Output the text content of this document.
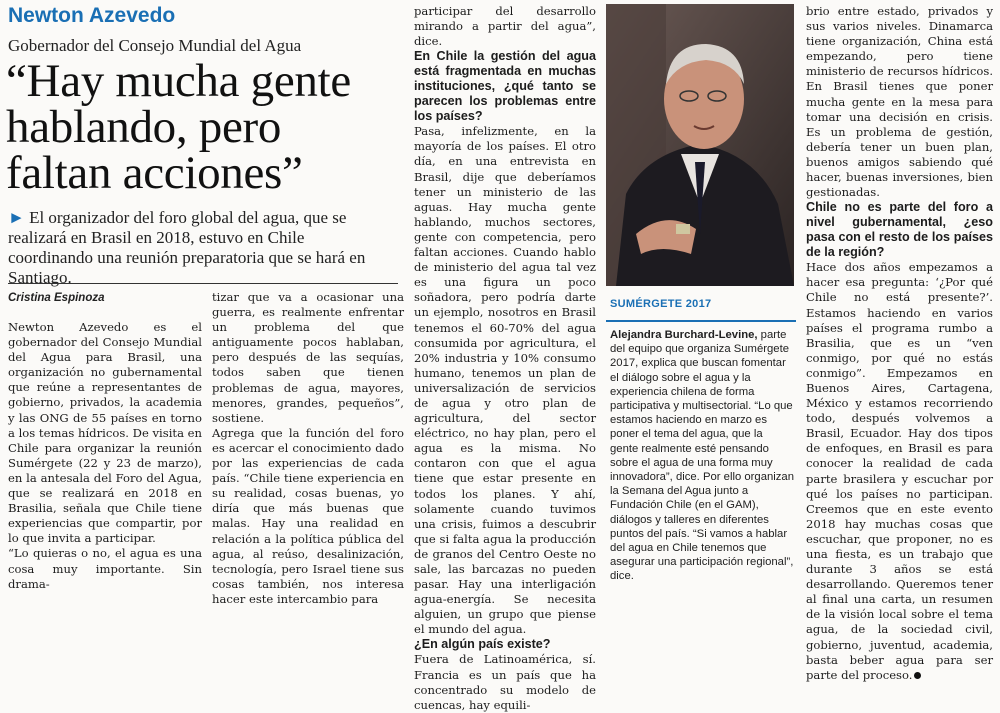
Newton Azevedo
Gobernador del Consejo Mundial del Agua
“Hay mucha gente hablando, pero faltan acciones”
► El organizador del foro global del agua, que se realizará en Brasil en 2018, estuvo en Chile coordinando una reunión preparatoria que se hará en Santiago.
Cristina Espinoza

Newton Azevedo es el gobernador del Consejo Mundial del Agua para Brasil, una organización no gubernamental que reúne a representantes de gobierno, privados, la academia y las ONG de 55 países en torno a los temas hídricos. De visita en Chile para organizar la reunión Sumérgete (22 y 23 de marzo), en la antesala del Foro del Agua, que se realizará en 2018 en Brasilia, señala que Chile tiene experiencias que compartir, por lo que invita a participar.

“Lo quieras o no, el agua es una cosa muy importante. Sin drama-

tizar que va a ocasionar una guerra, es realmente enfrentar un problema del que antiguamente pocos hablaban, pero después de las sequías, todos saben que tienen problemas de agua, mayores, menores, grandes, pequeños”, sostiene.

Agrega que la función del foro es acercar el conocimiento dado por las experiencias de cada país. “Chile tiene experiencia en su realidad, cosas buenas, yo diría que más buenas que malas. Hay una realidad en relación a la política pública del agua, al reúso, desalinización, tecnología, pero Israel tiene sus cosas también, nos interesa hacer este intercambio para

participar del desarrollo mirando a partir del agua”, dice.

En Chile la gestión del agua está fragmentada en muchas instituciones, ¿qué tanto se parecen los problemas entre los países?

Pasa, infelizmente, en la mayoría de los países. El otro día, en una entrevista en Brasil, dije que deberíamos tener un ministerio de las aguas. Hay mucha gente hablando, muchos sectores, gente con competencia, pero faltan acciones. Cuando hablo de ministerio del agua tal vez es una figura un poco soñadora, pero podría darte un ejemplo, nosotros en Brasil tenemos el 60-70% del agua consumida por agricultura, el 20% industria y 10% consumo humano, tenemos un plan de universalización de servicios de agua y otro plan de agricultura, del sector eléctrico, no hay plan, pero el agua es la misma. No contaron con que el agua tiene que estar presente en todos los planes. Y ahí, solamente cuando tuvimos una crisis, fuimos a descubrir que si falta agua la producción de granos del Centro Oeste no sale, las barcazas no pueden pasar. Hay una interligación agua-energía. Se necesita alguien, un grupo que piense el mundo del agua.

¿En algún país existe?

Fuera de Latinoamérica, sí. Francia es un país que ha concentrado su modelo de cuencas, hay equili-

SUMÉRGETE 2017
Alejandra Burchard-Levine, parte del equipo que organiza Sumérgete 2017, explica que buscan fomentar el diálogo sobre el agua y la experiencia chilena de forma participativa y multisectorial. “Lo que estamos haciendo en marzo es poner el tema del agua, que la gente realmente esté pensando sobre el agua de una forma muy innovadora”, dice. Por ello organizan la Semana del Agua junto a Fundación Chile (en el GAM), diálogos y talleres en diferentes puntos del país. “Si vamos a hablar del agua en Chile tenemos que asegurar una participación regional”, dice.

brio entre estado, privados y sus varios niveles. Dinamarca tiene organización, China está empezando, pero tiene ministerio de recursos hídricos. En Brasil tienes que poner mucha gente en la mesa para tomar una decisión en crisis. Es un problema de gestión, debería tener un buen plan, buenos amigos sabiendo qué hacer, buenas inversiones, bien gestionadas.

Chile no es parte del foro a nivel gubernamental, ¿eso pasa con el resto de los países de la región?

Hace dos años empezamos a hacer esa pregunta: ‘¿Por qué Chile no está presente?’. Estamos haciendo en varios países el programa rumbo a Brasilia, que es un “ven conmigo, por qué no estás conmigo”. Empezamos en Buenos Aires, Cartagena, México y estamos recorriendo todo, después volvemos a Brasil, Ecuador. Hay dos tipos de enfoques, en Brasil es para conocer la realidad de cada parte brasilera y escuchar por qué los países no participan. Creemos que en este evento 2018 hay muchas cosas que escuchar, que proponer, no es una fiesta, es un trabajo que durante 3 años se está desarrollando. Queremos tener al final una carta, un resumen de la visión local sobre el tema agua, de la sociedad civil, gobierno, juventud, academia, basta beber agua para ser parte del proceso.
